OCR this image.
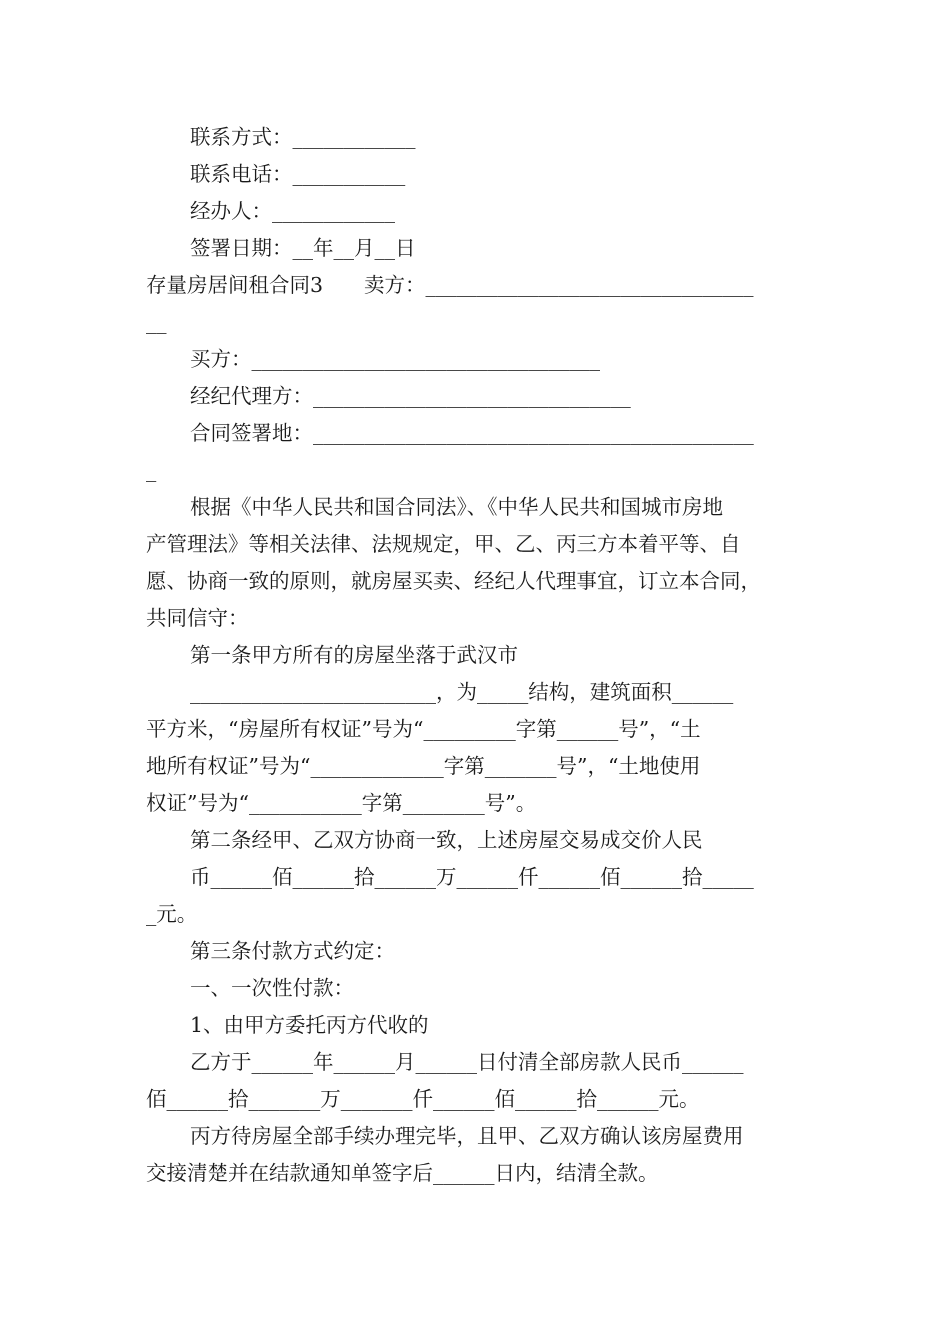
联系方式：____________
联系电话：___________
经办人：____________
签署日期：__年__月__日
存量房居间租合同3　　卖方：________________________________
__
买方：__________________________________
经纪代理方：_______________________________
合同签署地：___________________________________________
_
根据《中华人民共和国合同法》、《中华人民共和国城市房地
产管理法》等相关法律、法规规定，甲、乙、丙三方本着平等、自
愿、协商一致的原则，就房屋买卖、经纪人代理事宜，订立本合同，
共同信守：
第一条甲方所有的房屋坐落于武汉市
________________________，为_____结构，建筑面积______
平方米，“房屋所有权证”号为“_________字第______号”，“土
地所有权证”号为“_____________字第_______号”，“土地使用
权证”号为“___________字第________号”。
第二条经甲、乙双方协商一致，上述房屋交易成交价人民
币______佰______拾______万______仟______佰______拾_____
_元。
第三条付款方式约定：
一、一次性付款：
1、由甲方委托丙方代收的
乙方于______年______月______日付清全部房款人民币______
佰______拾_______万_______仟______佰______拾______元。
丙方待房屋全部手续办理完毕，且甲、乙双方确认该房屋费用
交接清楚并在结款通知单签字后______日内，结清全款。
